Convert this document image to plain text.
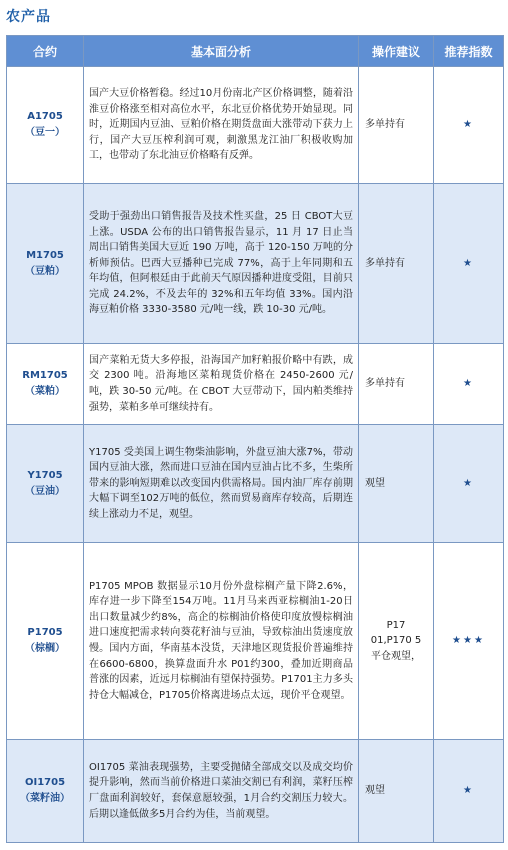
农产品
合约	基本面分析	操作建议	推荐指数

A1705
（豆一）	国产大豆价格暂稳。经过10月份南北产区价格调整，随着沿淮豆价格涨至相对高位水平，东北豆价格优势开始显现。同时，近期国内豆油、豆粕价格在期货盘面大涨带动下获力上行，国产大豆压榨利润可观，刺激黑龙江油厂积极收购加工，也带动了东北油豆价格略有反弹。	多单持有	★

M1705
（豆粕）	受助于强劲出口销售报告及技术性买盘，25 日 CBOT大豆上涨。USDA 公布的出口销售报告显示，11 月 17 日止当周出口销售美国大豆近 190 万吨，高于 120-150 万吨的分析师预估。巴西大豆播种已完成 77%，高于上年同期和五年均值，但阿根廷由于此前天气原因播种进度受阻，目前只完成 24.2%，不及去年的 32%和五年均值 33%。国内沿海豆粕价格 3330-3580 元/吨一线，跌 10-30 元/吨。	多单持有	★

RM1705
（菜粕）	国产菜粕无货大多停报，沿海国产加籽粕报价略中有跌，成交 2300 吨。沿海地区菜粕现货价格在 2450-2600 元/吨，跌 30-50 元/吨。在 CBOT 大豆带动下，国内粕类维持强势，菜粕多单可继续持有。	多单持有	★

Y1705
（豆油）	Y1705 受美国上调生物柴油影响，外盘豆油大涨7%，带动国内豆油大涨，然而进口豆油在国内豆油占比不多，生柴所带来的影响短期难以改变国内供需格局。国内油厂库存前期大幅下调至102万吨的低位，然而贸易商库存较高，后期连续上涨动力不足，观望。	观望	★

P1705
（棕榈）	P1705 MPOB 数据显示10月份外盘棕榈产量下降2.6%，库存进一步下降至154万吨。11月马来西亚棕榈油1-20日出口数量减少约8%，高企的棕榈油价格使印度放慢棕榈油进口速度把需求转向葵花籽油与豆油，导致棕油出货速度放慢。国内方面，华南基本没货，天津地区现货报价普遍维持在6600-6800，换算盘面升水 P01约300，叠加近期商品普涨的因素，近远月棕榈油有望保持强势。P1701主力多头持仓大幅减仓，P1705价格离进场点太远，现价平仓观望。	P17 01,P170 5 平仓观望，	★★★

OI1705
（菜籽油）	OI1705 菜油表现强势，主要受抛储全部成交以及成交均价提升影响，然而当前价格进口菜油交割已有利润，菜籽压榨厂盘面利润较好，套保意愿较强，1月合约交割压力较大。后期以逢低做多5月合约为佳，当前观望。	观望	★
